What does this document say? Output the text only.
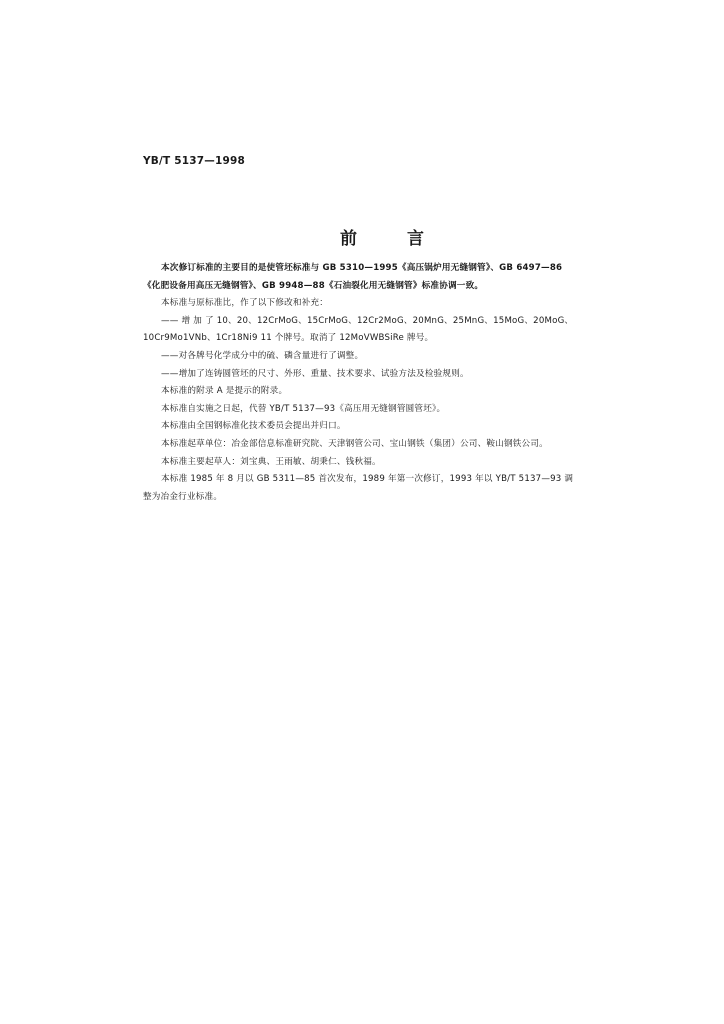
YB/T 5137—1998
前	言
本次修订标准的主要目的是使管坯标准与 GB 5310—1995《高压锅炉用无缝钢管》、GB 6497—86
《化肥设备用高压无缝钢管》、GB 9948—88《石油裂化用无缝钢管》标准协调一致。
本标准与原标准比，作了以下修改和补充：
—— 增 加 了 10、20、12CrMoG、15CrMoG、12Cr2MoG、20MnG、25MnG、15MoG、20MoG、
10Cr9Mo1VNb、1Cr18Ni9 11 个牌号。取消了 12MoVWBSiRe 牌号。
——对各牌号化学成分中的硫、磷含量进行了调整。
——增加了连铸圆管坯的尺寸、外形、重量、技术要求、试验方法及检验规则。
本标准的附录 A 是提示的附录。
本标准自实施之日起，代替 YB/T 5137—93《高压用无缝钢管圆管坯》。
本标准由全国钢标准化技术委员会提出并归口。
本标准起草单位：冶金部信息标准研究院、天津钢管公司、宝山钢铁（集团）公司、鞍山钢铁公司。
本标准主要起草人：刘宝典、王雨敏、胡秉仁、钱秋福。
本标准 1985 年 8 月以 GB 5311—85 首次发布，1989 年第一次修订，1993 年以 YB/T 5137—93 调
整为冶金行业标准。
